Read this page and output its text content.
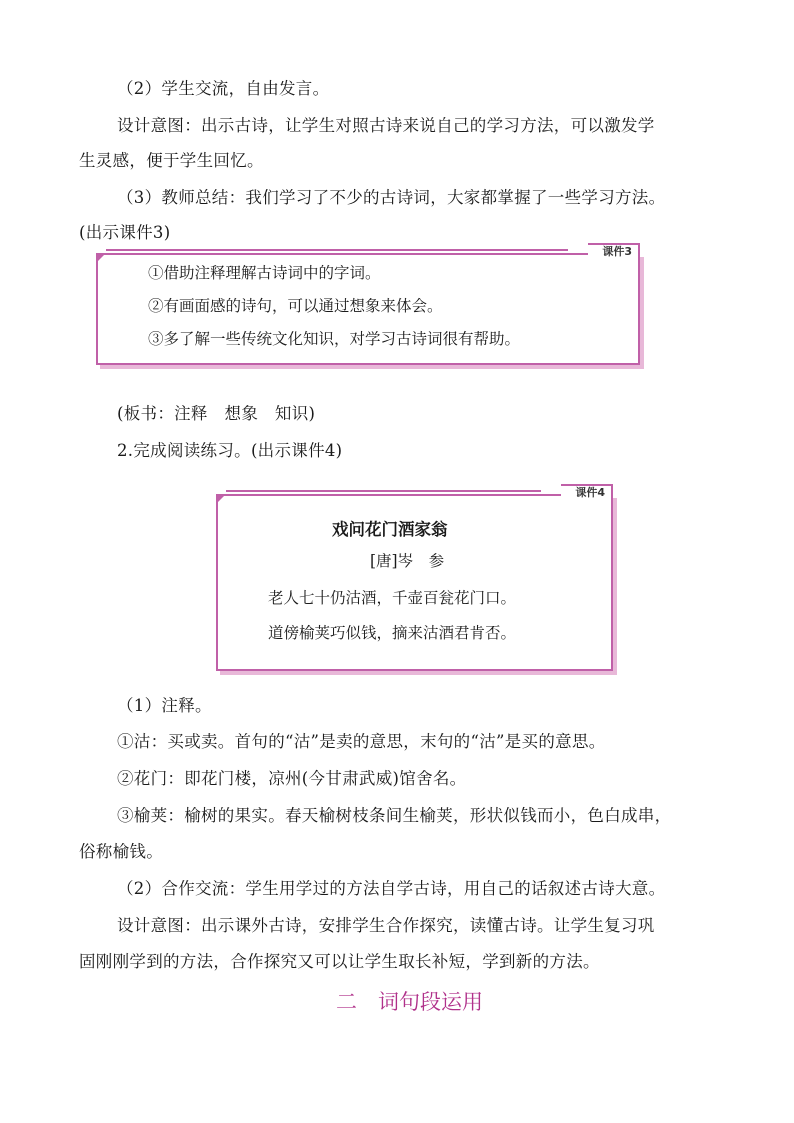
（2）学生交流，自由发言。
设计意图：出示古诗，让学生对照古诗来说自己的学习方法，可以激发学
生灵感，便于学生回忆。
（3）教师总结：我们学习了不少的古诗词，大家都掌握了一些学习方法。
(出示课件3)
课件3
①借助注释理解古诗词中的字词。
②有画面感的诗句，可以通过想象来体会。
③多了解一些传统文化知识，对学习古诗词很有帮助。
(板书：注释　想象　知识)
2.完成阅读练习。(出示课件4)
课件4
戏问花门酒家翁
[唐]岑　参
老人七十仍沽酒，千壶百瓮花门口。
道傍榆荚巧似钱，摘来沽酒君肯否。
（1）注释。
①沽：买或卖。首句的“沽”是卖的意思，末句的“沽”是买的意思。
②花门：即花门楼，凉州(今甘肃武威)馆舍名。
③榆荚：榆树的果实。春天榆树枝条间生榆荚，形状似钱而小，色白成串，
俗称榆钱。
（2）合作交流：学生用学过的方法自学古诗，用自己的话叙述古诗大意。
设计意图：出示课外古诗，安排学生合作探究，读懂古诗。让学生复习巩
固刚刚学到的方法，合作探究又可以让学生取长补短，学到新的方法。
二　词句段运用
